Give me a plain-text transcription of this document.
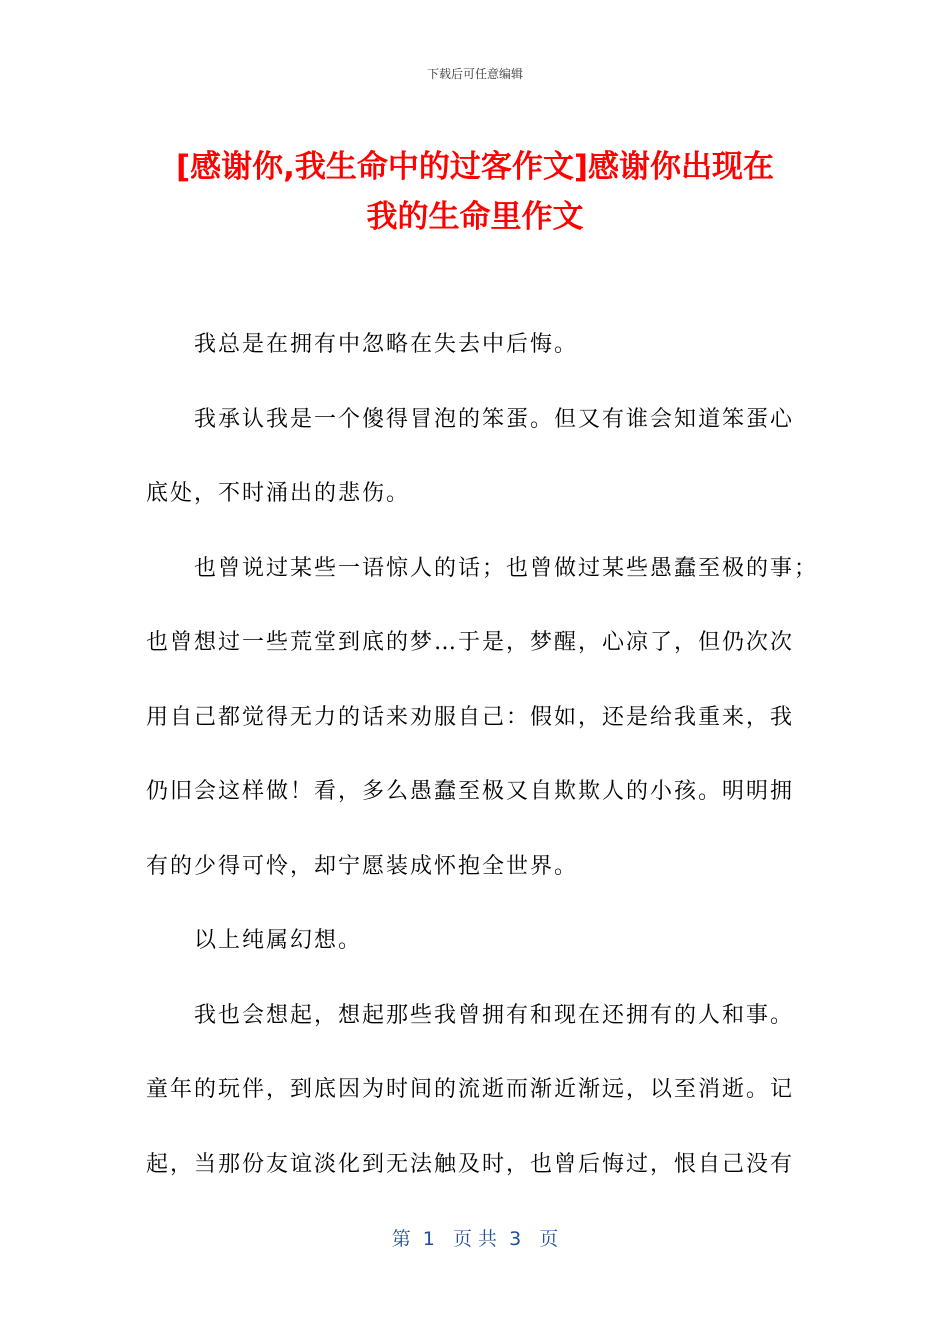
下载后可任意编辑
[感谢你,我生命中的过客作文]感谢你出现在
我的生命里作文
我总是在拥有中忽略在失去中后悔。
我承认我是一个傻得冒泡的笨蛋。但又有谁会知道笨蛋心
底处，不时涌出的悲伤。
也曾说过某些一语惊人的话；也曾做过某些愚蠢至极的事；
也曾想过一些荒堂到底的梦…于是，梦醒，心凉了，但仍次次
用自己都觉得无力的话来劝服自己：假如，还是给我重来，我
仍旧会这样做！看，多么愚蠢至极又自欺欺人的小孩。明明拥
有的少得可怜，却宁愿装成怀抱全世界。
以上纯属幻想。
我也会想起，想起那些我曾拥有和现在还拥有的人和事。
童年的玩伴，到底因为时间的流逝而渐近渐远，以至消逝。记
起，当那份友谊淡化到无法触及时，也曾后悔过，恨自己没有
第  1   页 共  3   页
